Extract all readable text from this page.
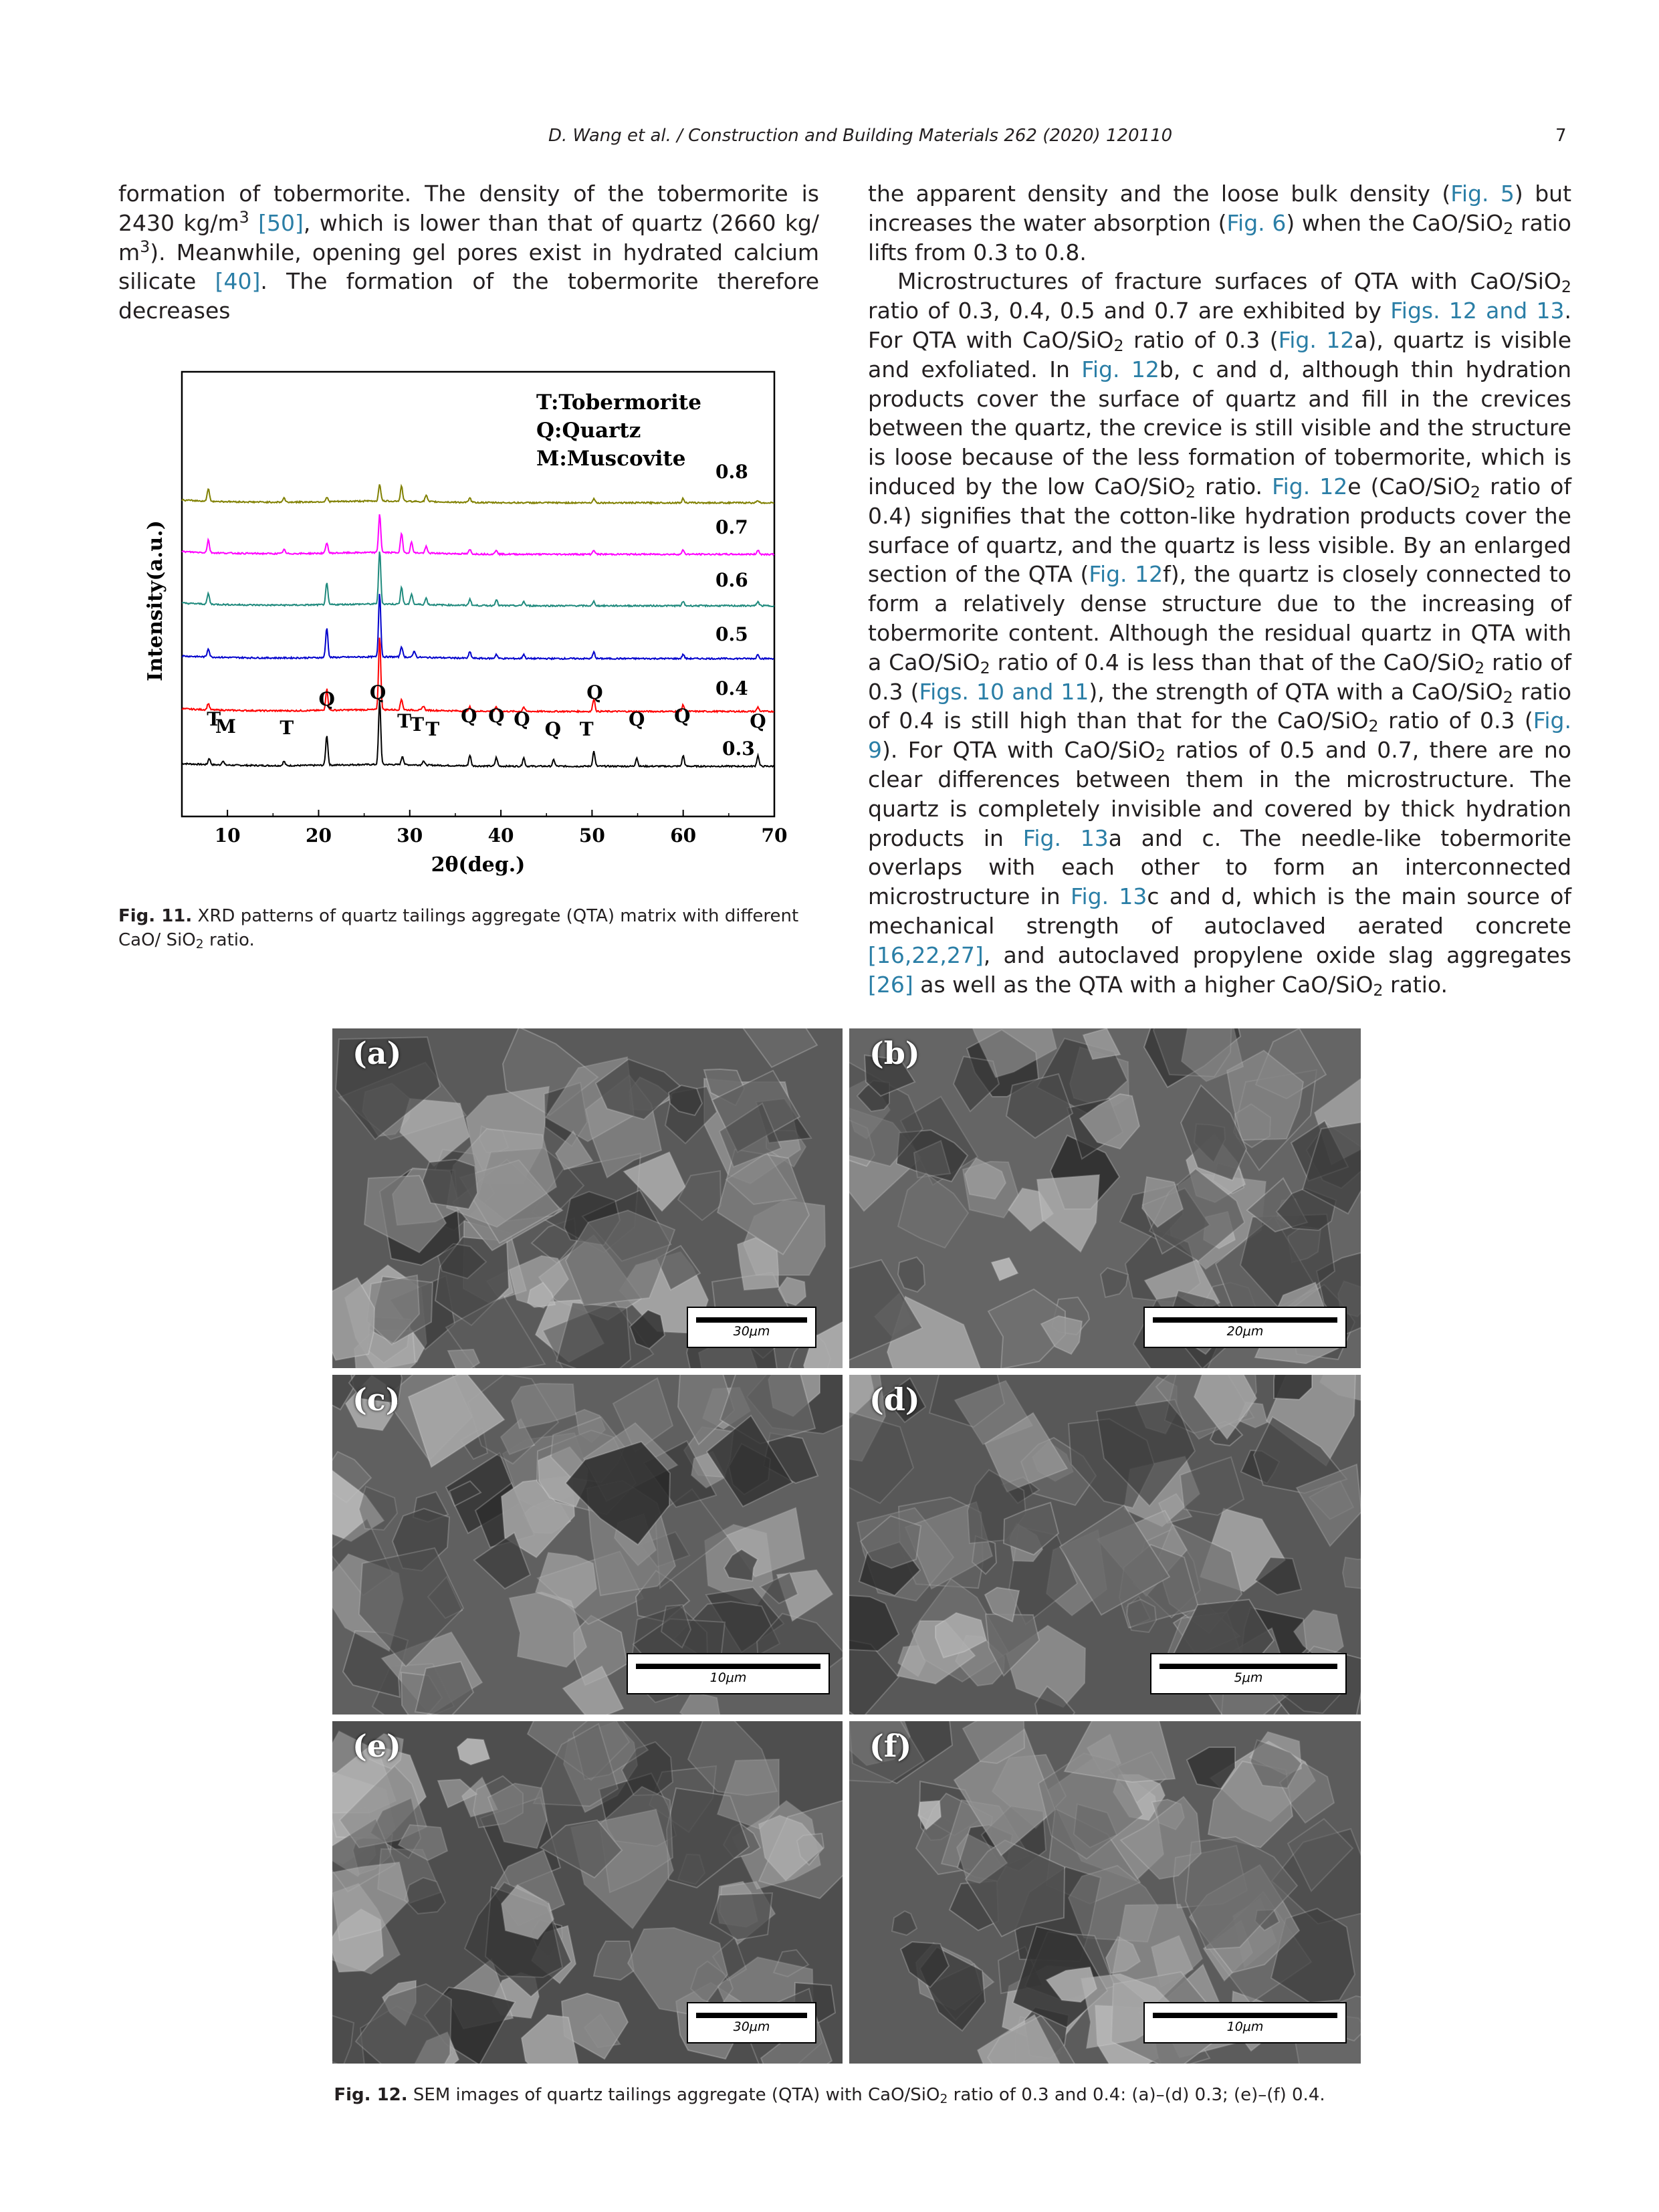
D. Wang et al. / Construction and Building Materials 262 (2020) 120110	7

formation of tobermorite. The density of the tobermorite is 2430 $kg/m^3$ [50], which is lower than that of quartz (2660 kg/ $m^3$). Meanwhile, opening gel pores exist in hydrated calcium silicate [40]. The formation of the tobermorite therefore decreases

10	20	30	40	50	60	70
2θ(deg.)
Intensity(a.u.)
T:Tobermorite
Q:Quartz
M:Muscovite
0.3
0.4
0.5
0.6
0.7
0.8
T
M T
Q Q
T
T T
Q Q Q Q T
Q
Q Q	Q
Fig. 11. XRD patterns of quartz tailings aggregate (QTA) matrix with different CaO/ SiO$_2$ ratio.

the apparent density and the loose bulk density (Fig. 5) but increases the water absorption (Fig. 6) when the CaO/SiO$_2$ ratio lifts from 0.3 to 0.8.

Microstructures of fracture surfaces of QTA with CaO/SiO$_2$ ratio of 0.3, 0.4, 0.5 and 0.7 are exhibited by Figs. 12 and 13. For QTA with CaO/SiO$_2$ ratio of 0.3 (Fig. 12a), quartz is visible and exfoliated. In Fig. 12b, c and d, although thin hydration products cover the surface of quartz and fill in the crevices between the quartz, the crevice is still visible and the structure is loose because of the less formation of tobermorite, which is induced by the low CaO/SiO$_2$ ratio. Fig. 12e (CaO/SiO$_2$ ratio of 0.4) signifies that the cotton-like hydration products cover the surface of quartz, and the quartz is less visible. By an enlarged section of the QTA (Fig. 12f), the quartz is closely connected to form a relatively dense structure due to the increasing of tobermorite content. Although the residual quartz in QTA with a CaO/SiO$_2$ ratio of 0.4 is less than that of the CaO/SiO$_2$ ratio of 0.3 (Figs. 10 and 11), the strength of QTA with a CaO/SiO$_2$ ratio of 0.4 is still high than that for the CaO/SiO$_2$ ratio of 0.3 (Fig. 9). For QTA with CaO/SiO$_2$ ratios of 0.5 and 0.7, there are no clear differences between them in the microstructure. The quartz is completely invisible and covered by thick hydration products in Fig. 13a and c. The needle-like tobermorite overlaps with each other to form an interconnected microstructure in Fig. 13c and d, which is the main source of mechanical strength of autoclaved aerated concrete [16,22,27], and autoclaved propylene oxide slag aggregates [26] as well as the QTA with a higher CaO/SiO$_2$ ratio.

(a)
30μm
(b)
20μm
(c)
10μm
(d)
5μm
(e)
30μm
(f)
10μm
Fig. 12. SEM images of quartz tailings aggregate (QTA) with CaO/SiO$_2$ ratio of 0.3 and 0.4: (a)–(d) 0.3; (e)–(f) 0.4.
